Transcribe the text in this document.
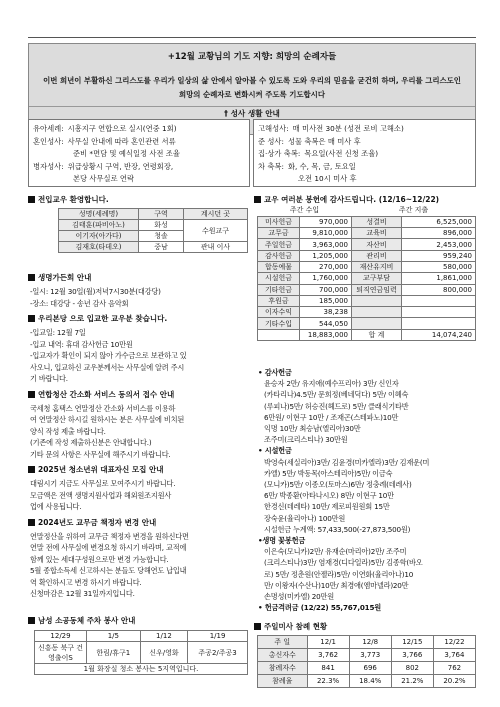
+12월 교황님의 기도 지향: 희망의 순례자들
이번 희년이 부활하신 그리스도를 우리가 일상의 삶 안에서 알아볼 수 있도록 도와 우리의 믿음을 굳건히 하며, 우리를 그리스도인 희망의 순례자로 변화시켜 주도록 기도합시다
† 성사 생활 안내
유아세례: 시흥지구 연합으로 실시(연중 1회)
혼인성사: 사무실 안내에 따라 혼인관련 서류
준비 *면담 및 예식일정 사전 조율
병자성사: 위급상황시 구역, 반장, 연령회장,
본당 사무실로 연락
고해성사: 매 미사전 30분 (성전 로비 고해소)
준 성사: 성물 축복은 매 미사 후
집·상가 축복: 목요일(사전 신청 조율)
차 축복: 화, 수, 목, 금, 토요일
오전 10시 미사 후
전입교우 환영합니다.
성명(세례명)	구역	계시던 곳
김태훈(파비아노)	화성	수원교구
이기자(아가다)	청솔	
김재호(타데오)	중남	관내 이사
생명가든회 안내
-일시: 12월 30일(월)저녁7시30분(대강당)
-장소: 대강당 - 송년 감사 음악회
우리본당 으로 입교한 교우분 찾습니다.
-입교일: 12월 7일
-입교 내역: 휴대 감사헌금 10만원
-입교자가 확인이 되지 않아 가수금으로 보관하고 있
사오니, 입교하신 교우분께서는 사무실에 알려 주시
기 바랍니다.
연합청산 간소화 서비스 동의서 접수 안내
국세청 홈택스 연말정산 간소화 서비스를 이용하
여 연말정산 하시길 원하시는 분은 사무실에 비치된
양식 작성 제출 바랍니다.
(기존에 작성 제출하신분은 안내합니다.)
기타 문의 사항은 사무실에 해주시기 바랍니다.
2025년 청소년위 대표자신 모집 안내
대림시기 지금도 사무실로 모여주시기 바랍니다.
모금액은 전액 생명지원사업과 해외원조지원사
업에 사용됩니다.
2024년도 교무금 책정자 변경 안내
연말정산을 위하여 교무금 책정자 변경을 원하신다면
연말 전에 사무실에 변경요청 하시기 바라며, 교적에
함께 있는 세대구성원으로만 변경 가능합니다.
5월 종합소득세 신고하시는 분들도 당해연도 납입내
역 확인하시고 변경 하시기 바랍니다.
신청마감은 12월 31일까지입니다.
남성 소공동체 주차 봉사 안내
12/29	1/5	1/12	1/19
신흥동 북구 건영출이S	한림/휴구1	신우/영화	주공2/주공3
1월 화장실 청소 봉사는 5지역입니다.			
교우 여러분 봉헌에 감사드립니다. (12/16~12/22)
주간 수입		주간 지출	
미사헌금	970,000	성결비	6,525,000
교무금	9,810,000	교육비	896,000
주일헌금	3,963,000	자산비	2,453,000
감사헌금	1,205,000	관리비	959,240
합동예물	270,000	재산유지비	580,000
시설헌금	1,760,000	교구부담	1,861,000
기타헌금	700,000	퇴직연금임력	800,000
후원금	185,000		
이자수익	38,238		
기타수입	544,050		
	18,883,000	합 계	14,074,240
• 감사헌금
윤승자 2만/ 유지애(예수프리아) 3만/ 신인자
(카타리나)4.5만/ 문희정(베네딕다) 5만/ 이혜숙
(루피나)5만/ 허승진(헤드로) 5만/ 클래식기타반
6만원/ 이현구 10만 / 조재곤(스테파노)10만
익명 10만/ 최승남(엘리아)30만
조주미(크리스티나) 30만원
• 시설헌금
박영숙(세실리아)3만/ 김윤경(미카엘라)3만/ 김재운(미
카엘) 5만/ 박동목(아스테리아)5만/ 이금숙
(모니카)5만/ 이종오(토마스)6만/ 정충례(데레사)
6만/ 박종환(아타나시오) 8만/ 이현구 10만
한경신(데레타) 10만/ 제로피원원회 15만
장숙윤(율리아나) 100만원
시설헌금 누계액: 57,433,500(-27,873,500원)
•생명 꽃봉헌금
이은숙(모니카)2만/ 유재순(마리아)2만/ 조주미
(크리스티나)3만/ 염재경(디다일라)5만/ 김종학(바오
로) 5만/ 정춘원(안젤라)5만/ 이연화(율리아나)10
만/ 이왕자(수산나)10만/ 최경애(엠마넬라)20만
손명성(미카엘) 20만원
• 헌금격려금 (12/22) 55,767,015원
주일미사 참례 현황
주 일	12/1	12/8	12/15	12/22
총신자수	3,762	3,773	3,766	3,764
참례자수	841	696	802	762
참례율	22.3%	18.4%	21.2%	20.2%
